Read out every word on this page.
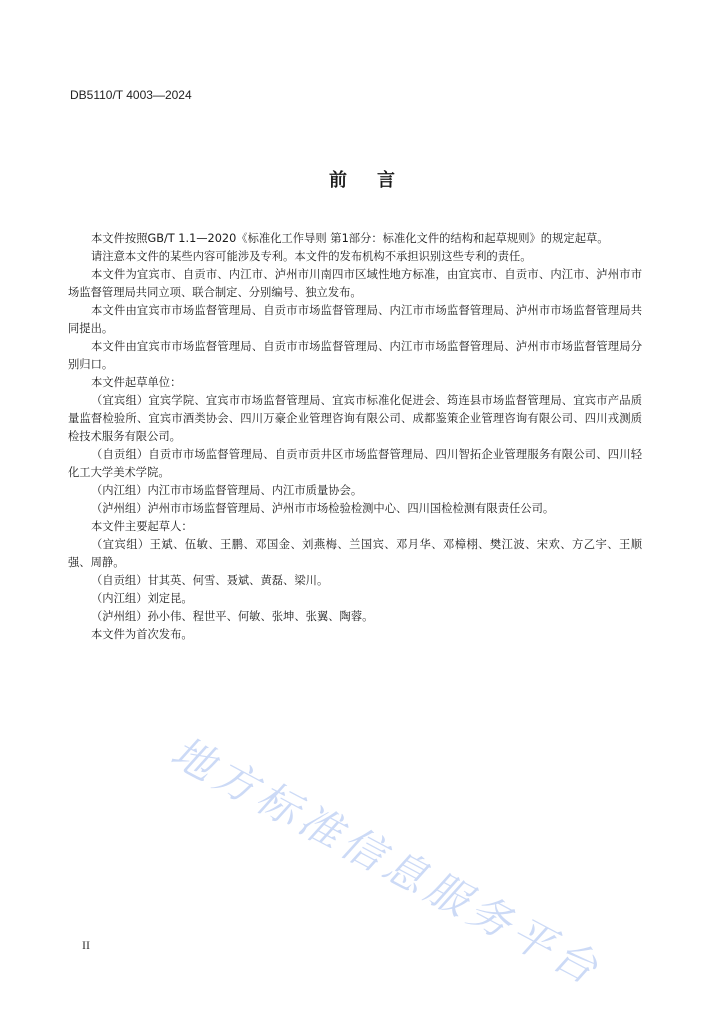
DB5110/T 4003—2024
前言

本文件按照GB/T 1.1—2020《标准化工作导则 第1部分：标准化文件的结构和起草规则》的规定起草。

请注意本文件的某些内容可能涉及专利。本文件的发布机构不承担识别这些专利的责任。

本文件为宜宾市、自贡市、内江市、泸州市川南四市区域性地方标准，由宜宾市、自贡市、内江市、泸州市市场监督管理局共同立项、联合制定、分别编号、独立发布。

本文件由宜宾市市场监督管理局、自贡市市场监督管理局、内江市市场监督管理局、泸州市市场监督管理局共同提出。

本文件由宜宾市市场监督管理局、自贡市市场监督管理局、内江市市场监督管理局、泸州市市场监督管理局分别归口。

本文件起草单位：

（宜宾组）宜宾学院、宜宾市市场监督管理局、宜宾市标准化促进会、筠连县市场监督管理局、宜宾市产品质量监督检验所、宜宾市酒类协会、四川万豪企业管理咨询有限公司、成都鉴策企业管理咨询有限公司、四川戎测质检技术服务有限公司。

（自贡组）自贡市市场监督管理局、自贡市贡井区市场监督管理局、四川智拓企业管理服务有限公司、四川轻化工大学美术学院。

（内江组）内江市市场监督管理局、内江市质量协会。

（泸州组）泸州市市场监督管理局、泸州市市场检验检测中心、四川国检检测有限责任公司。

本文件主要起草人：

（宜宾组）王斌、伍敏、王鹏、邓国金、刘燕梅、兰国宾、邓月华、邓樟栩、樊江波、宋欢、方乙宇、王顺强、周静。

（自贡组）甘其英、何雪、聂斌、黄磊、梁川。

（内江组）刘定昆。

（泸州组）孙小伟、程世平、何敏、张坤、张翼、陶蓉。

本文件为首次发布。

地方标准信息服务平台
II
